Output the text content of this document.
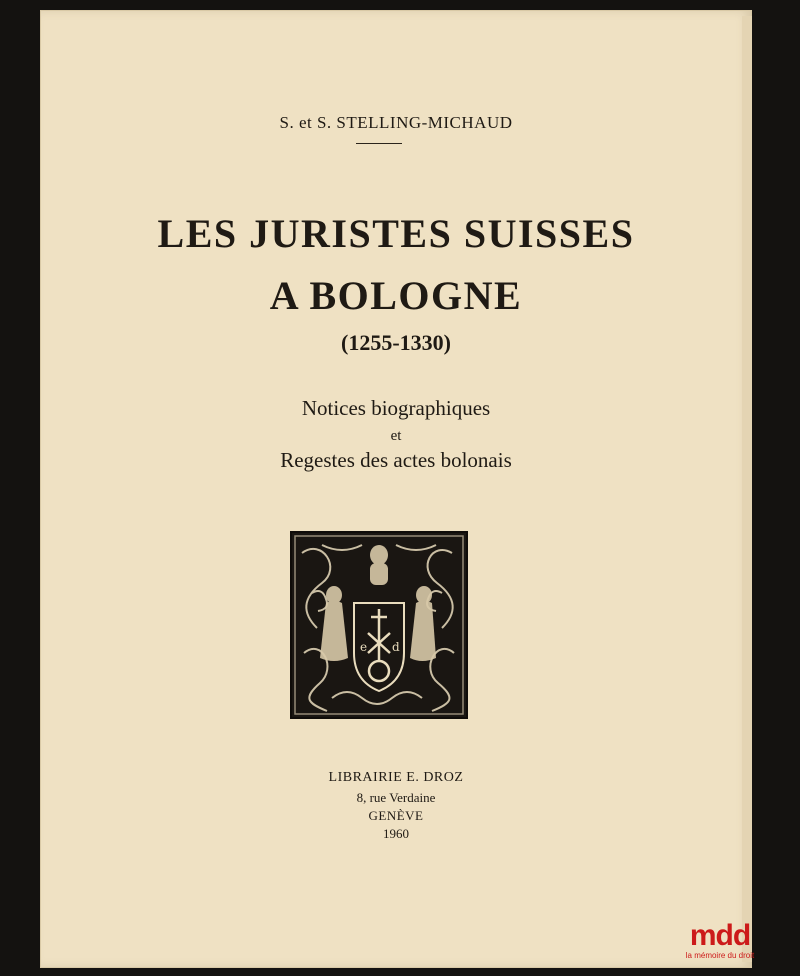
S. et S. STELLING-MICHAUD
LES JURISTES SUISSES
A BOLOGNE
(1255-1330)
Notices biographiques
et
Regestes des actes bolonais
e d
LIBRAIRIE E. DROZ
8, rue Verdaine
GENÈVE
1960
mdd
la mémoire du droit
